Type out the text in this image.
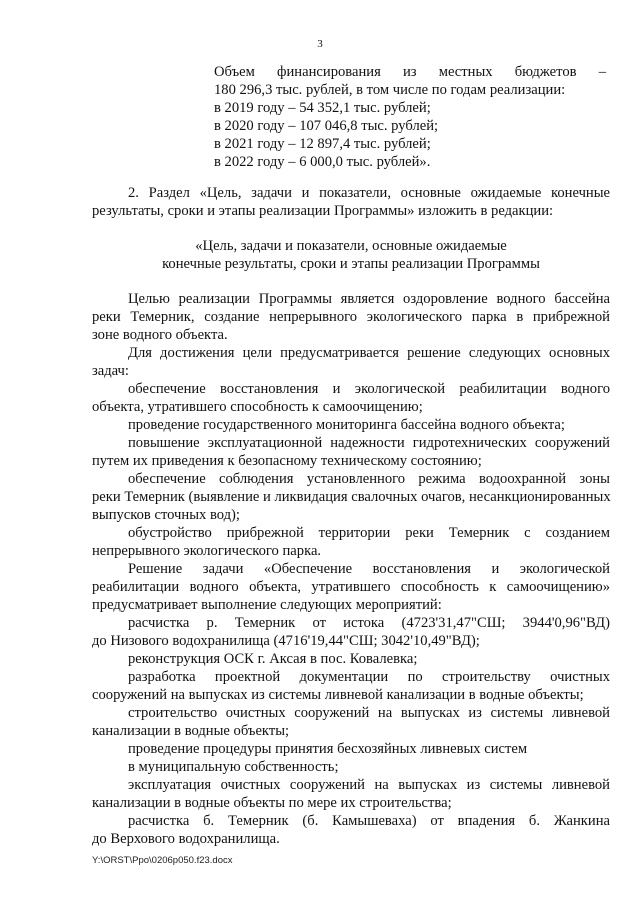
3
Объем финансирования из местных бюджетов –
180 296,3 тыс. рублей, в том числе по годам реализации:
в 2019 году – 54 352,1 тыс. рублей;
в 2020 году – 107 046,8 тыс. рублей;
в 2021 году – 12 897,4 тыс. рублей;
в 2022 году – 6 000,0 тыс. рублей».
2. Раздел «Цель, задачи и показатели, основные ожидаемые конечные
результаты, сроки и этапы реализации Программы» изложить в редакции:
«Цель, задачи и показатели, основные ожидаемые
конечные результаты, сроки и этапы реализации Программы
Целью реализации Программы является оздоровление водного бассейна
реки Темерник, создание непрерывного экологического парка в прибрежной
зоне водного объекта.
Для достижения цели предусматривается решение следующих основных
задач:
обеспечение восстановления и экологической реабилитации водного
объекта, утратившего способность к самоочищению;
проведение государственного мониторинга бассейна водного объекта;
повышение эксплуатационной надежности гидротехнических сооружений
путем их приведения к безопасному техническому состоянию;
обеспечение соблюдения установленного режима водоохранной зоны
реки Темерник (выявление и ликвидация свалочных очагов, несанкционированных
выпусков сточных вод);
обустройство прибрежной территории реки Темерник с созданием
непрерывного экологического парка.
Решение задачи «Обеспечение восстановления и экологической
реабилитации водного объекта, утратившего способность к самоочищению»
предусматривает выполнение следующих мероприятий:
расчистка р. Темерник от истока (4723'31,47"СШ; 3944'0,96"ВД)
до Низового водохранилища (4716'19,44"СШ; 3042'10,49"ВД);
реконструкция ОСК г. Аксая в пос. Ковалевка;
разработка проектной документации по строительству очистных
сооружений на выпусках из системы ливневой канализации в водные объекты;
строительство очистных сооружений на выпусках из системы ливневой
канализации в водные объекты;
проведение процедуры принятия бесхозяйных ливневых систем
в муниципальную собственность;
эксплуатация очистных сооружений на выпусках из системы ливневой
канализации в водные объекты по мере их строительства;
расчистка б. Темерник (б. Камышеваха) от впадения б. Жанкина
до Верхового водохранилища.
Y:\ORST\Ppo\0206p050.f23.docx
